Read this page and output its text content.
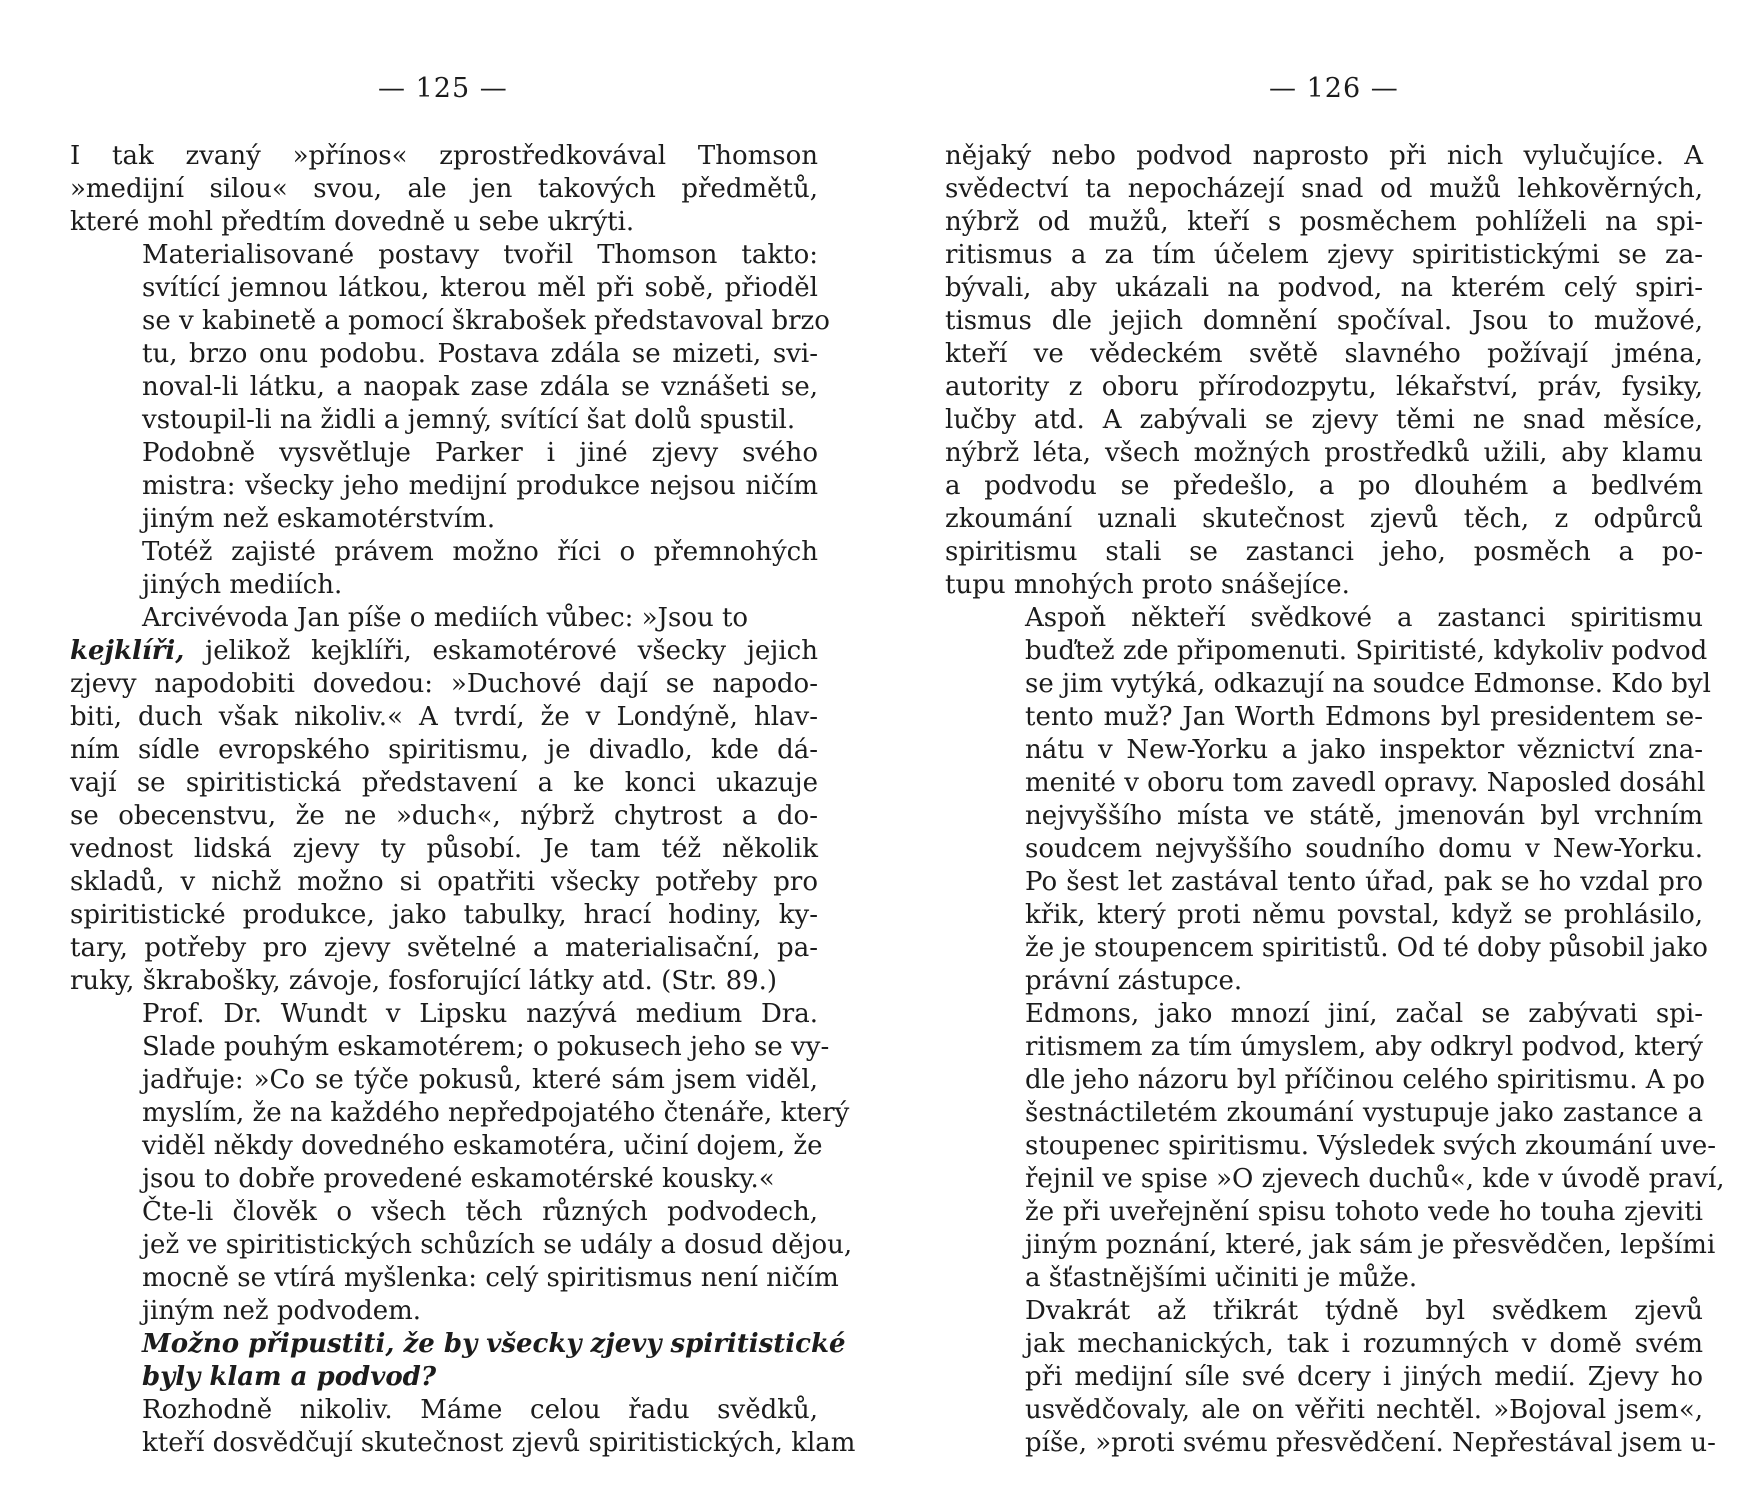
— 125 —

I tak zvaný »přínos« zprostředkovával Thomson
»medijní silou« svou, ale jen takových předmětů,
které mohl předtím dovedně u sebe ukrýti.

Materialisované postavy tvořil Thomson takto:
svítící jemnou látkou, kterou měl při sobě, přioděl
se v kabinetě a pomocí škrabošek představoval brzo
tu, brzo onu podobu. Postava zdála se mizeti, svi-
noval-li látku, a naopak zase zdála se vznášeti se,
vstoupil-li na židli a jemný, svítící šat dolů spustil.

Podobně vysvětluje Parker i jiné zjevy svého
mistra: všecky jeho medijní produkce nejsou ničím
jiným než eskamotérstvím.

Totéž zajisté právem možno říci o přemnohých
jiných mediích.

Arcivévoda Jan píše o mediích vůbec: »Jsou to

kejklíři, jelikož kejklíři, eskamotérové všecky jejich
zjevy napodobiti dovedou: »Duchové dají se napodo-
biti, duch však nikoliv.« A tvrdí, že v Londýně, hlav-
ním sídle evropského spiritismu, je divadlo, kde dá-
vají se spiritistická představení a ke konci ukazuje
se obecenstvu, že ne »duch«, nýbrž chytrost a do-
vednost lidská zjevy ty působí. Je tam též několik
skladů, v nichž možno si opatřiti všecky potřeby pro
spiritistické produkce, jako tabulky, hrací hodiny, ky-
tary, potřeby pro zjevy světelné a materialisační, pa-
ruky, škrabošky, závoje, fosforující látky atd. (Str. 89.)

Prof. Dr. Wundt v Lipsku nazývá medium Dra.
Slade pouhým eskamotérem; o pokusech jeho se vy-
jadřuje: »Co se týče pokusů, které sám jsem viděl,
myslím, že na každého nepředpojatého čtenáře, který
viděl někdy dovedného eskamotéra, učiní dojem, že
jsou to dobře provedené eskamotérské kousky.«

Čte-li člověk o všech těch různých podvodech,
jež ve spiritistických schůzích se udály a dosud dějou,
mocně se vtírá myšlenka: celý spiritismus není ničím
jiným než podvodem.

Možno připustiti, že by všecky zjevy spiritistické
byly klam a podvod?

Rozhodně nikoliv. Máme celou řadu svědků,
kteří dosvědčují skutečnost zjevů spiritistických, klam

— 126 —

nějaký nebo podvod naprosto při nich vylučujíce. A
svědectví ta nepocházejí snad od mužů lehkověrných,
nýbrž od mužů, kteří s posměchem pohlíželi na spi-
ritismus a za tím účelem zjevy spiritistickými se za-
bývali, aby ukázali na podvod, na kterém celý spiri-
tismus dle jejich domnění spočíval. Jsou to mužové,
kteří ve vědeckém světě slavného požívají jména,
autority z oboru přírodozpytu, lékařství, práv, fysiky,
lučby atd. A zabývali se zjevy těmi ne snad měsíce,
nýbrž léta, všech možných prostředků užili, aby klamu
a podvodu se předešlo, a po dlouhém a bedlvém
zkoumání uznali skutečnost zjevů těch, z odpůrců
spiritismu stali se zastanci jeho, posměch a po-
tupu mnohých proto snášejíce.

Aspoň někteří svědkové a zastanci spiritismu
buďtež zde připomenuti. Spiritisté, kdykoliv podvod
se jim vytýká, odkazují na soudce Edmonse. Kdo byl
tento muž? Jan Worth Edmons byl presidentem se-
nátu v New-Yorku a jako inspektor věznictví zna-
menité v oboru tom zavedl opravy. Naposled dosáhl
nejvyššího místa ve státě, jmenován byl vrchním
soudcem nejvyššího soudního domu v New-Yorku.
Po šest let zastával tento úřad, pak se ho vzdal pro
křik, který proti němu povstal, když se prohlásilo,
že je stoupencem spiritistů. Od té doby působil jako
právní zástupce.

Edmons, jako mnozí jiní, začal se zabývati spi-
ritismem za tím úmyslem, aby odkryl podvod, který
dle jeho názoru byl příčinou celého spiritismu. A po
šestnáctiletém zkoumání vystupuje jako zastance a
stoupenec spiritismu. Výsledek svých zkoumání uve-
řejnil ve spise »O zjevech duchů«, kde v úvodě praví,
že při uveřejnění spisu tohoto vede ho touha zjeviti
jiným poznání, které, jak sám je přesvědčen, lepšími
a šťastnějšími učiniti je může.

Dvakrát až třikrát týdně byl svědkem zjevů
jak mechanických, tak i rozumných v domě svém
při medijní síle své dcery i jiných medií. Zjevy ho
usvědčovaly, ale on věřiti nechtěl. »Bojoval jsem«,
píše, »proti svému přesvědčení. Nepřestával jsem u-
